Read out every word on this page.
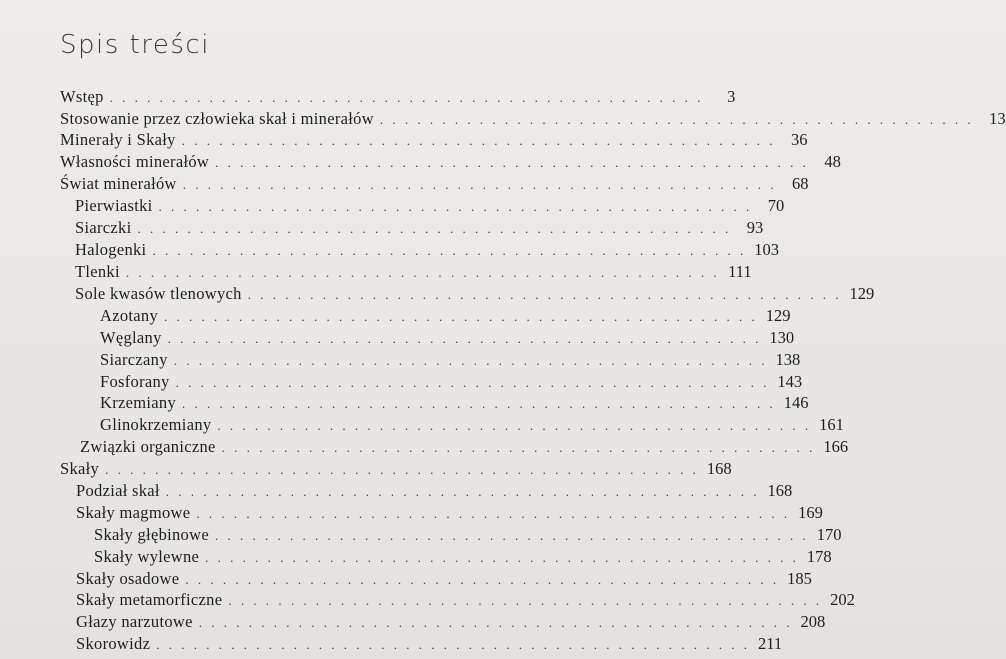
Spis treści
Wstęp . . . . . . . . . . . . . . . . . . . . . . . . . . . . . . . . . . . . . . . . . . . . . . . .	3
Stosowanie przez człowieka skał i minerałów . . . . . . . . . . . . . . . . . . . . . . . . . . . . . . . . . . . . . . . . . . . . . . . . 13
Minerały i Skały . . . . . . . . . . . . . . . . . . . . . . . . . . . . . . . . . . . . . . . . . . . . . . . . 36
Własności minerałów . . . . . . . . . . . . . . . . . . . . . . . . . . . . . . . . . . . . . . . . . . . . . . . . 48
Świat minerałów . . . . . . . . . . . . . . . . . . . . . . . . . . . . . . . . . . . . . . . . . . . . . . . . 68
Pierwiastki . . . . . . . . . . . . . . . . . . . . . . . . . . . . . . . . . . . . . . . . . . . . . . . . 70
Siarczki . . . . . . . . . . . . . . . . . . . . . . . . . . . . . . . . . . . . . . . . . . . . . . . . 93
Halogenki . . . . . . . . . . . . . . . . . . . . . . . . . . . . . . . . . . . . . . . . . . . . . . . . 103
Tlenki . . . . . . . . . . . . . . . . . . . . . . . . . . . . . . . . . . . . . . . . . . . . . . . . 111
Sole kwasów tlenowych . . . . . . . . . . . . . . . . . . . . . . . . . . . . . . . . . . . . . . . . . . . . . . . . 129
Azotany . . . . . . . . . . . . . . . . . . . . . . . . . . . . . . . . . . . . . . . . . . . . . . . . 129
Węglany . . . . . . . . . . . . . . . . . . . . . . . . . . . . . . . . . . . . . . . . . . . . . . . . 130
Siarczany . . . . . . . . . . . . . . . . . . . . . . . . . . . . . . . . . . . . . . . . . . . . . . . . 138
Fosforany . . . . . . . . . . . . . . . . . . . . . . . . . . . . . . . . . . . . . . . . . . . . . . . . 143
Krzemiany . . . . . . . . . . . . . . . . . . . . . . . . . . . . . . . . . . . . . . . . . . . . . . . . 146
Glinokrzemiany . . . . . . . . . . . . . . . . . . . . . . . . . . . . . . . . . . . . . . . . . . . . . . . . 161
Związki organiczne . . . . . . . . . . . . . . . . . . . . . . . . . . . . . . . . . . . . . . . . . . . . . . . . 166
Skały . . . . . . . . . . . . . . . . . . . . . . . . . . . . . . . . . . . . . . . . . . . . . . . . 168
Podział skał . . . . . . . . . . . . . . . . . . . . . . . . . . . . . . . . . . . . . . . . . . . . . . . . 168
Skały magmowe . . . . . . . . . . . . . . . . . . . . . . . . . . . . . . . . . . . . . . . . . . . . . . . . 169
Skały głębinowe . . . . . . . . . . . . . . . . . . . . . . . . . . . . . . . . . . . . . . . . . . . . . . . . 170
Skały wylewne . . . . . . . . . . . . . . . . . . . . . . . . . . . . . . . . . . . . . . . . . . . . . . . . 178
Skały osadowe . . . . . . . . . . . . . . . . . . . . . . . . . . . . . . . . . . . . . . . . . . . . . . . . 185
Skały metamorficzne . . . . . . . . . . . . . . . . . . . . . . . . . . . . . . . . . . . . . . . . . . . . . . . . 202
Głazy narzutowe . . . . . . . . . . . . . . . . . . . . . . . . . . . . . . . . . . . . . . . . . . . . . . . . 208
Skorowidz . . . . . . . . . . . . . . . . . . . . . . . . . . . . . . . . . . . . . . . . . . . . . . . . 211
